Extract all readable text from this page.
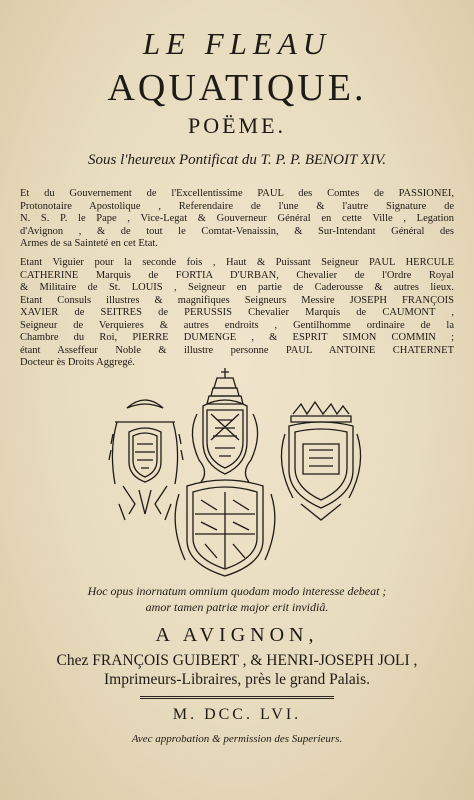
LE FLEAU
AQUATIQUE.
POËME.
Sous l'heureux Pontificat du T. P. P. BENOIT XIV.
Et du Gouvernement de l'Excellentissime PAUL des Comtes de PASSIONEI,
Protonotaire Apostolique , Referendaire de l'une & l'autre Signature de
N. S. P. le Pape , Vice-Legat & Gouverneur Général en cette Ville , Legation
d'Avignon , & de tout le Comtat-Venaissin, & Sur-Intendant Général des
Armes de sa Sainteté en cet Etat.
Etant Viguier pour la seconde fois , Haut & Puissant Seigneur PAUL HERCULE
CATHERINE Marquis de FORTIA D'URBAN, Chevalier de l'Ordre Royal
& Militaire de St. LOUIS , Seigneur en partie de Caderousse & autres lieux.
Etant Consuls illustres & magnifiques Seigneurs Messire JOSEPH FRANÇOIS
XAVIER de SEITRES de PERUSSIS Chevalier Marquis de CAUMONT ,
Seigneur de Verquieres & autres endroits , Gentilhomme ordinaire de la
Chambre du Roi, PIERRE DUMENGE , & ESPRIT SIMON COMMIN ;
étant Asseffeur Noble & illustre personne PAUL ANTOINE CHATERNET
Docteur ès Droits Aggregé.
Hoc opus inornatum omnium quodam modo interesse debeat ;
amor tamen patriæ major erit invidiâ.
A AVIGNON,
Chez FRANÇOIS GUIBERT , & HENRI-JOSEPH JOLI ,
Imprimeurs-Libraires, près le grand Palais.
M. DCC. LVI.
Avec approbation & permission des Superieurs.
